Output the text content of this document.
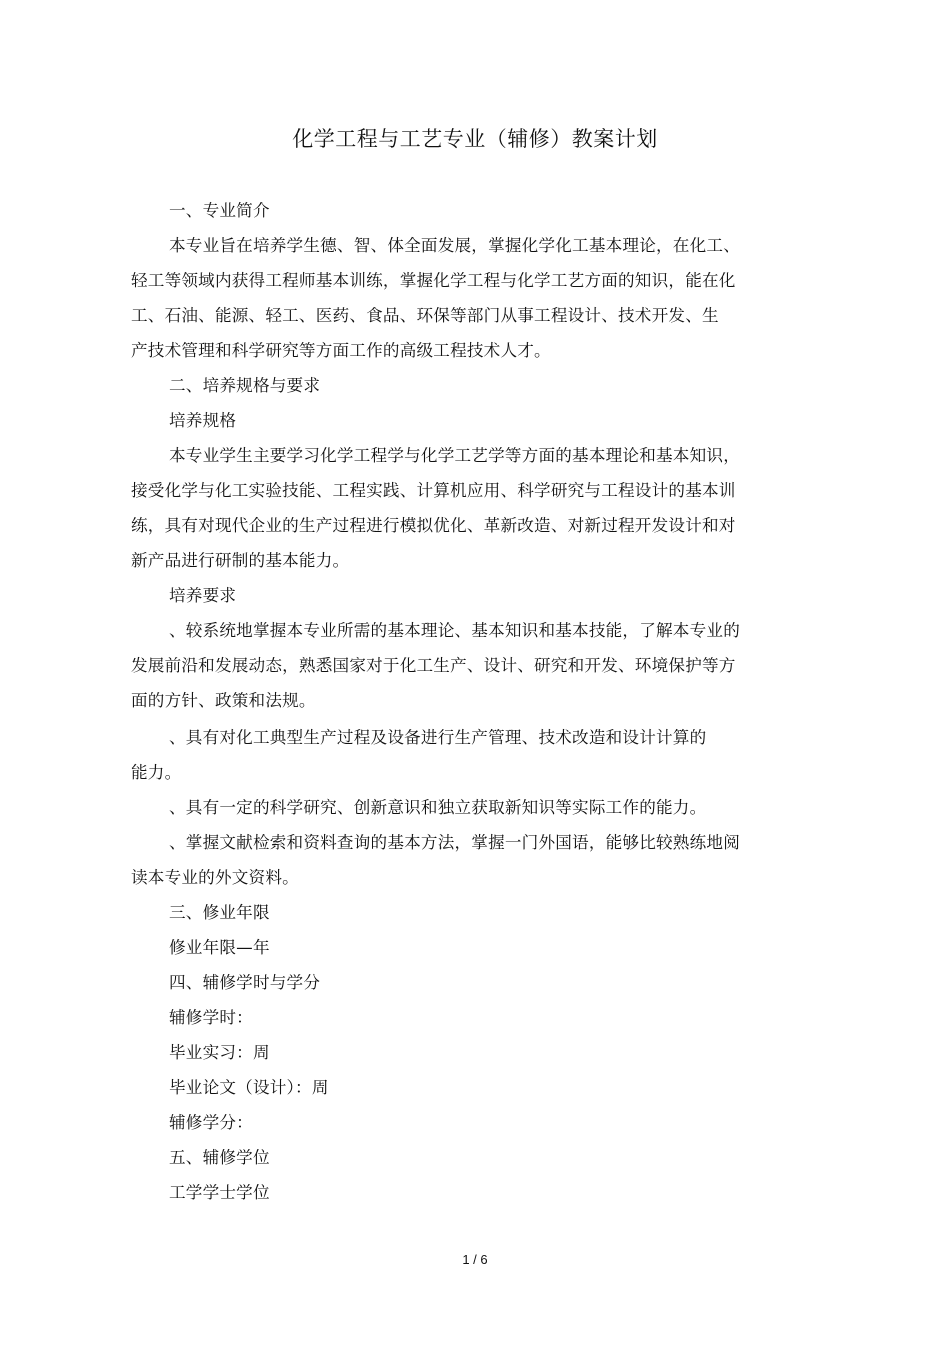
化学工程与工艺专业（辅修）教案计划
一、专业简介
本专业旨在培养学生德、智、体全面发展，掌握化学化工基本理论，在化工、
轻工等领域内获得工程师基本训练，掌握化学工程与化学工艺方面的知识，能在化
工、石油、能源、轻工、医药、食品、环保等部门从事工程设计、技术开发、生
产技术管理和科学研究等方面工作的高级工程技术人才。
二、培养规格与要求
培养规格
本专业学生主要学习化学工程学与化学工艺学等方面的基本理论和基本知识，
接受化学与化工实验技能、工程实践、计算机应用、科学研究与工程设计的基本训
练，具有对现代企业的生产过程进行模拟优化、革新改造、对新过程开发设计和对
新产品进行研制的基本能力。
培养要求
、较系统地掌握本专业所需的基本理论、基本知识和基本技能，了解本专业的
发展前沿和发展动态，熟悉国家对于化工生产、设计、研究和开发、环境保护等方
面的方针、政策和法规。
、具有对化工典型生产过程及设备进行生产管理、技术改造和设计计算的
能力。
、具有一定的科学研究、创新意识和独立获取新知识等实际工作的能力。
、掌握文献检索和资料查询的基本方法，掌握一门外国语，能够比较熟练地阅
读本专业的外文资料。
三、修业年限
修业年限—年
四、辅修学时与学分
辅修学时：
毕业实习：周
毕业论文（设计）：周
辅修学分：
五、辅修学位
工学学士学位
1 / 6
